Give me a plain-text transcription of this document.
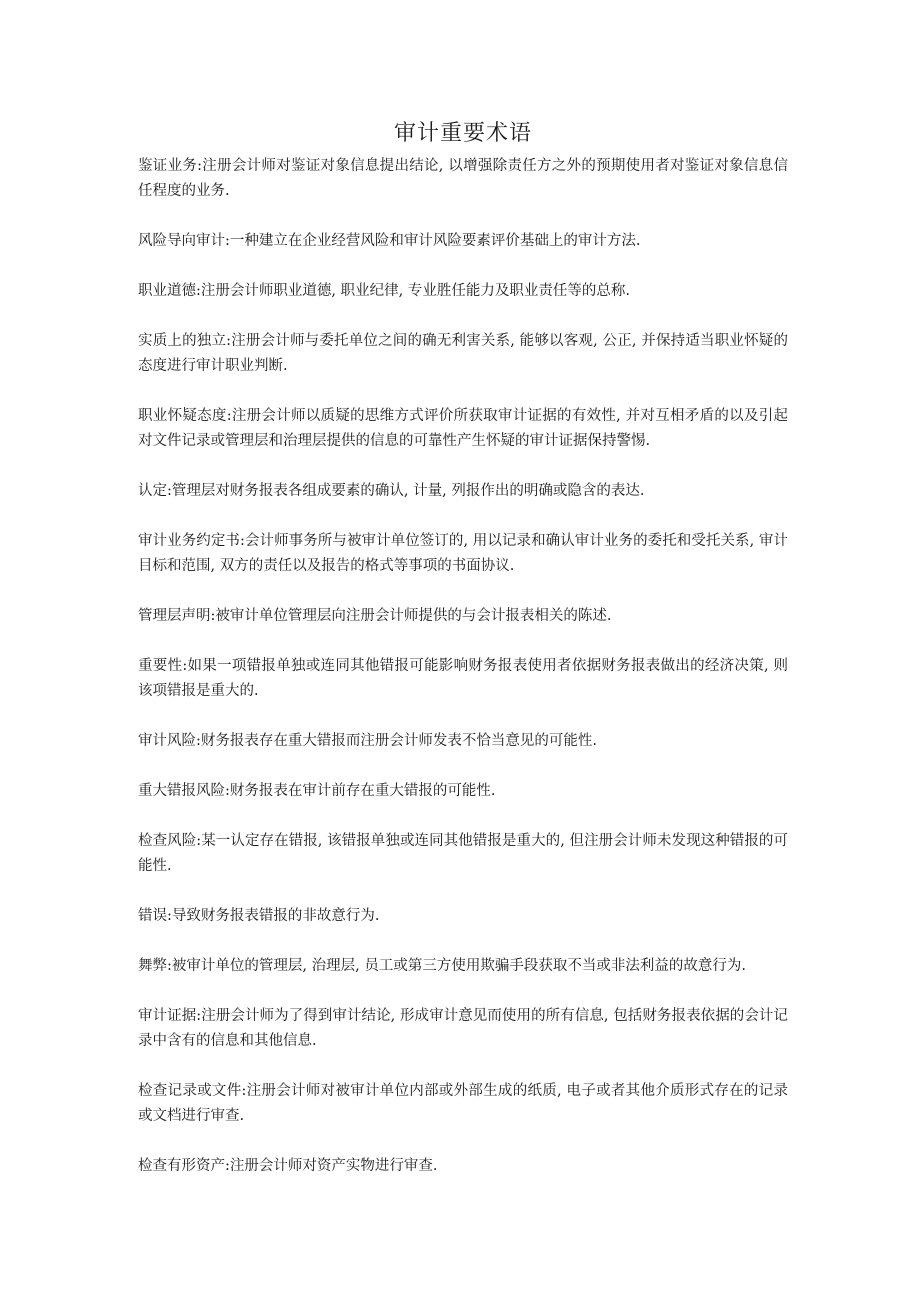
审计重要术语

鉴证业务:注册会计师对鉴证对象信息提出结论, 以增强除责任方之外的预期使用者对鉴证对象信息信任程度的业务.

风险导向审计:一种建立在企业经营风险和审计风险要素评价基础上的审计方法.

职业道德:注册会计师职业道德, 职业纪律, 专业胜任能力及职业责任等的总称.

实质上的独立:注册会计师与委托单位之间的确无利害关系, 能够以客观, 公正, 并保持适当职业怀疑的态度进行审计职业判断.

职业怀疑态度:注册会计师以质疑的思维方式评价所获取审计证据的有效性, 并对互相矛盾的以及引起对文件记录或管理层和治理层提供的信息的可靠性产生怀疑的审计证据保持警惕.

认定:管理层对财务报表各组成要素的确认, 计量, 列报作出的明确或隐含的表达.

审计业务约定书:会计师事务所与被审计单位签订的, 用以记录和确认审计业务的委托和受托关系, 审计目标和范围, 双方的责任以及报告的格式等事项的书面协议.

管理层声明:被审计单位管理层向注册会计师提供的与会计报表相关的陈述.

重要性:如果一项错报单独或连同其他错报可能影响财务报表使用者依据财务报表做出的经济决策, 则该项错报是重大的.

审计风险:财务报表存在重大错报而注册会计师发表不恰当意见的可能性.

重大错报风险:财务报表在审计前存在重大错报的可能性.

检查风险:某一认定存在错报, 该错报单独或连同其他错报是重大的, 但注册会计师未发现这种错报的可能性.

错误:导致财务报表错报的非故意行为.

舞弊:被审计单位的管理层, 治理层, 员工或第三方使用欺骗手段获取不当或非法利益的故意行为.

审计证据:注册会计师为了得到审计结论, 形成审计意见而使用的所有信息, 包括财务报表依据的会计记录中含有的信息和其他信息.

检查记录或文件:注册会计师对被审计单位内部或外部生成的纸质, 电子或者其他介质形式存在的记录或文档进行审查.

检查有形资产:注册会计师对资产实物进行审查.
